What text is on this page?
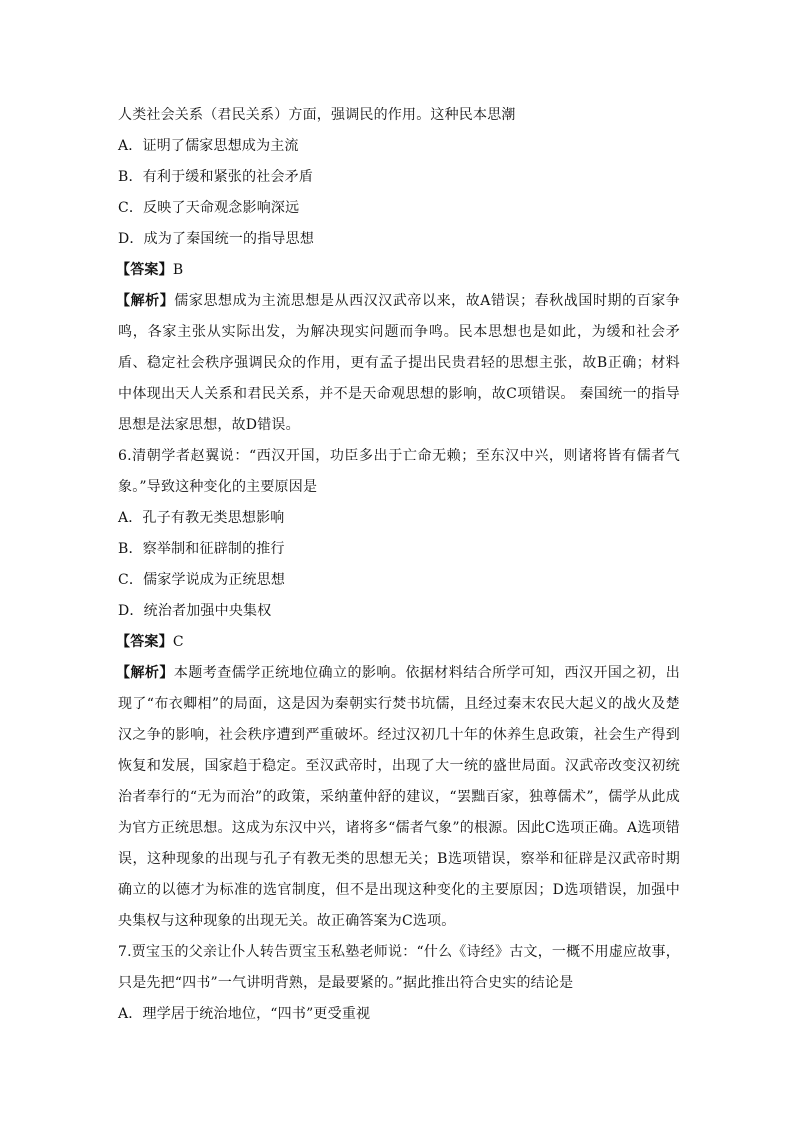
人类社会关系（君民关系）方面，强调民的作用。这种民本思潮
A．证明了儒家思想成为主流
B．有利于缓和紧张的社会矛盾
C．反映了天命观念影响深远
D．成为了秦国统一的指导思想
【答案】B
【解析】儒家思想成为主流思想是从西汉汉武帝以来，故A错误；春秋战国时期的百家争鸣，各家主张从实际出发，为解决现实问题而争鸣。民本思想也是如此，为缓和社会矛盾、稳定社会秩序强调民众的作用，更有孟子提出民贵君轻的思想主张，故B正确；材料中体现出天人关系和君民关系，并不是天命观思想的影响，故C项错误。 秦国统一的指导思想是法家思想，故D错误。
6.清朝学者赵翼说：“西汉开国，功臣多出于亡命无赖；至东汉中兴，则诸将皆有儒者气象。”导致这种变化的主要原因是
A．孔子有教无类思想影响
B．察举制和征辟制的推行
C．儒家学说成为正统思想
D．统治者加强中央集权
【答案】C
【解析】本题考查儒学正统地位确立的影响。依据材料结合所学可知，西汉开国之初，出现了“布衣卿相”的局面，这是因为秦朝实行焚书坑儒，且经过秦末农民大起义的战火及楚汉之争的影响，社会秩序遭到严重破坏。经过汉初几十年的休养生息政策，社会生产得到恢复和发展，国家趋于稳定。至汉武帝时，出现了大一统的盛世局面。汉武帝改变汉初统治者奉行的“无为而治”的政策，采纳董仲舒的建议，“罢黜百家，独尊儒术”，儒学从此成为官方正统思想。这成为东汉中兴，诸将多“儒者气象”的根源。因此C选项正确。A选项错误，这种现象的出现与孔子有教无类的思想无关；B选项错误，察举和征辟是汉武帝时期确立的以德才为标准的选官制度，但不是出现这种变化的主要原因；D选项错误，加强中央集权与这种现象的出现无关。故正确答案为C选项。
7.贾宝玉的父亲让仆人转告贾宝玉私塾老师说：“什么《诗经》古文，一概不用虚应故事，只是先把“四书”一气讲明背熟，是最要紧的。”据此推出符合史实的结论是
A．理学居于统治地位，“四书”更受重视
